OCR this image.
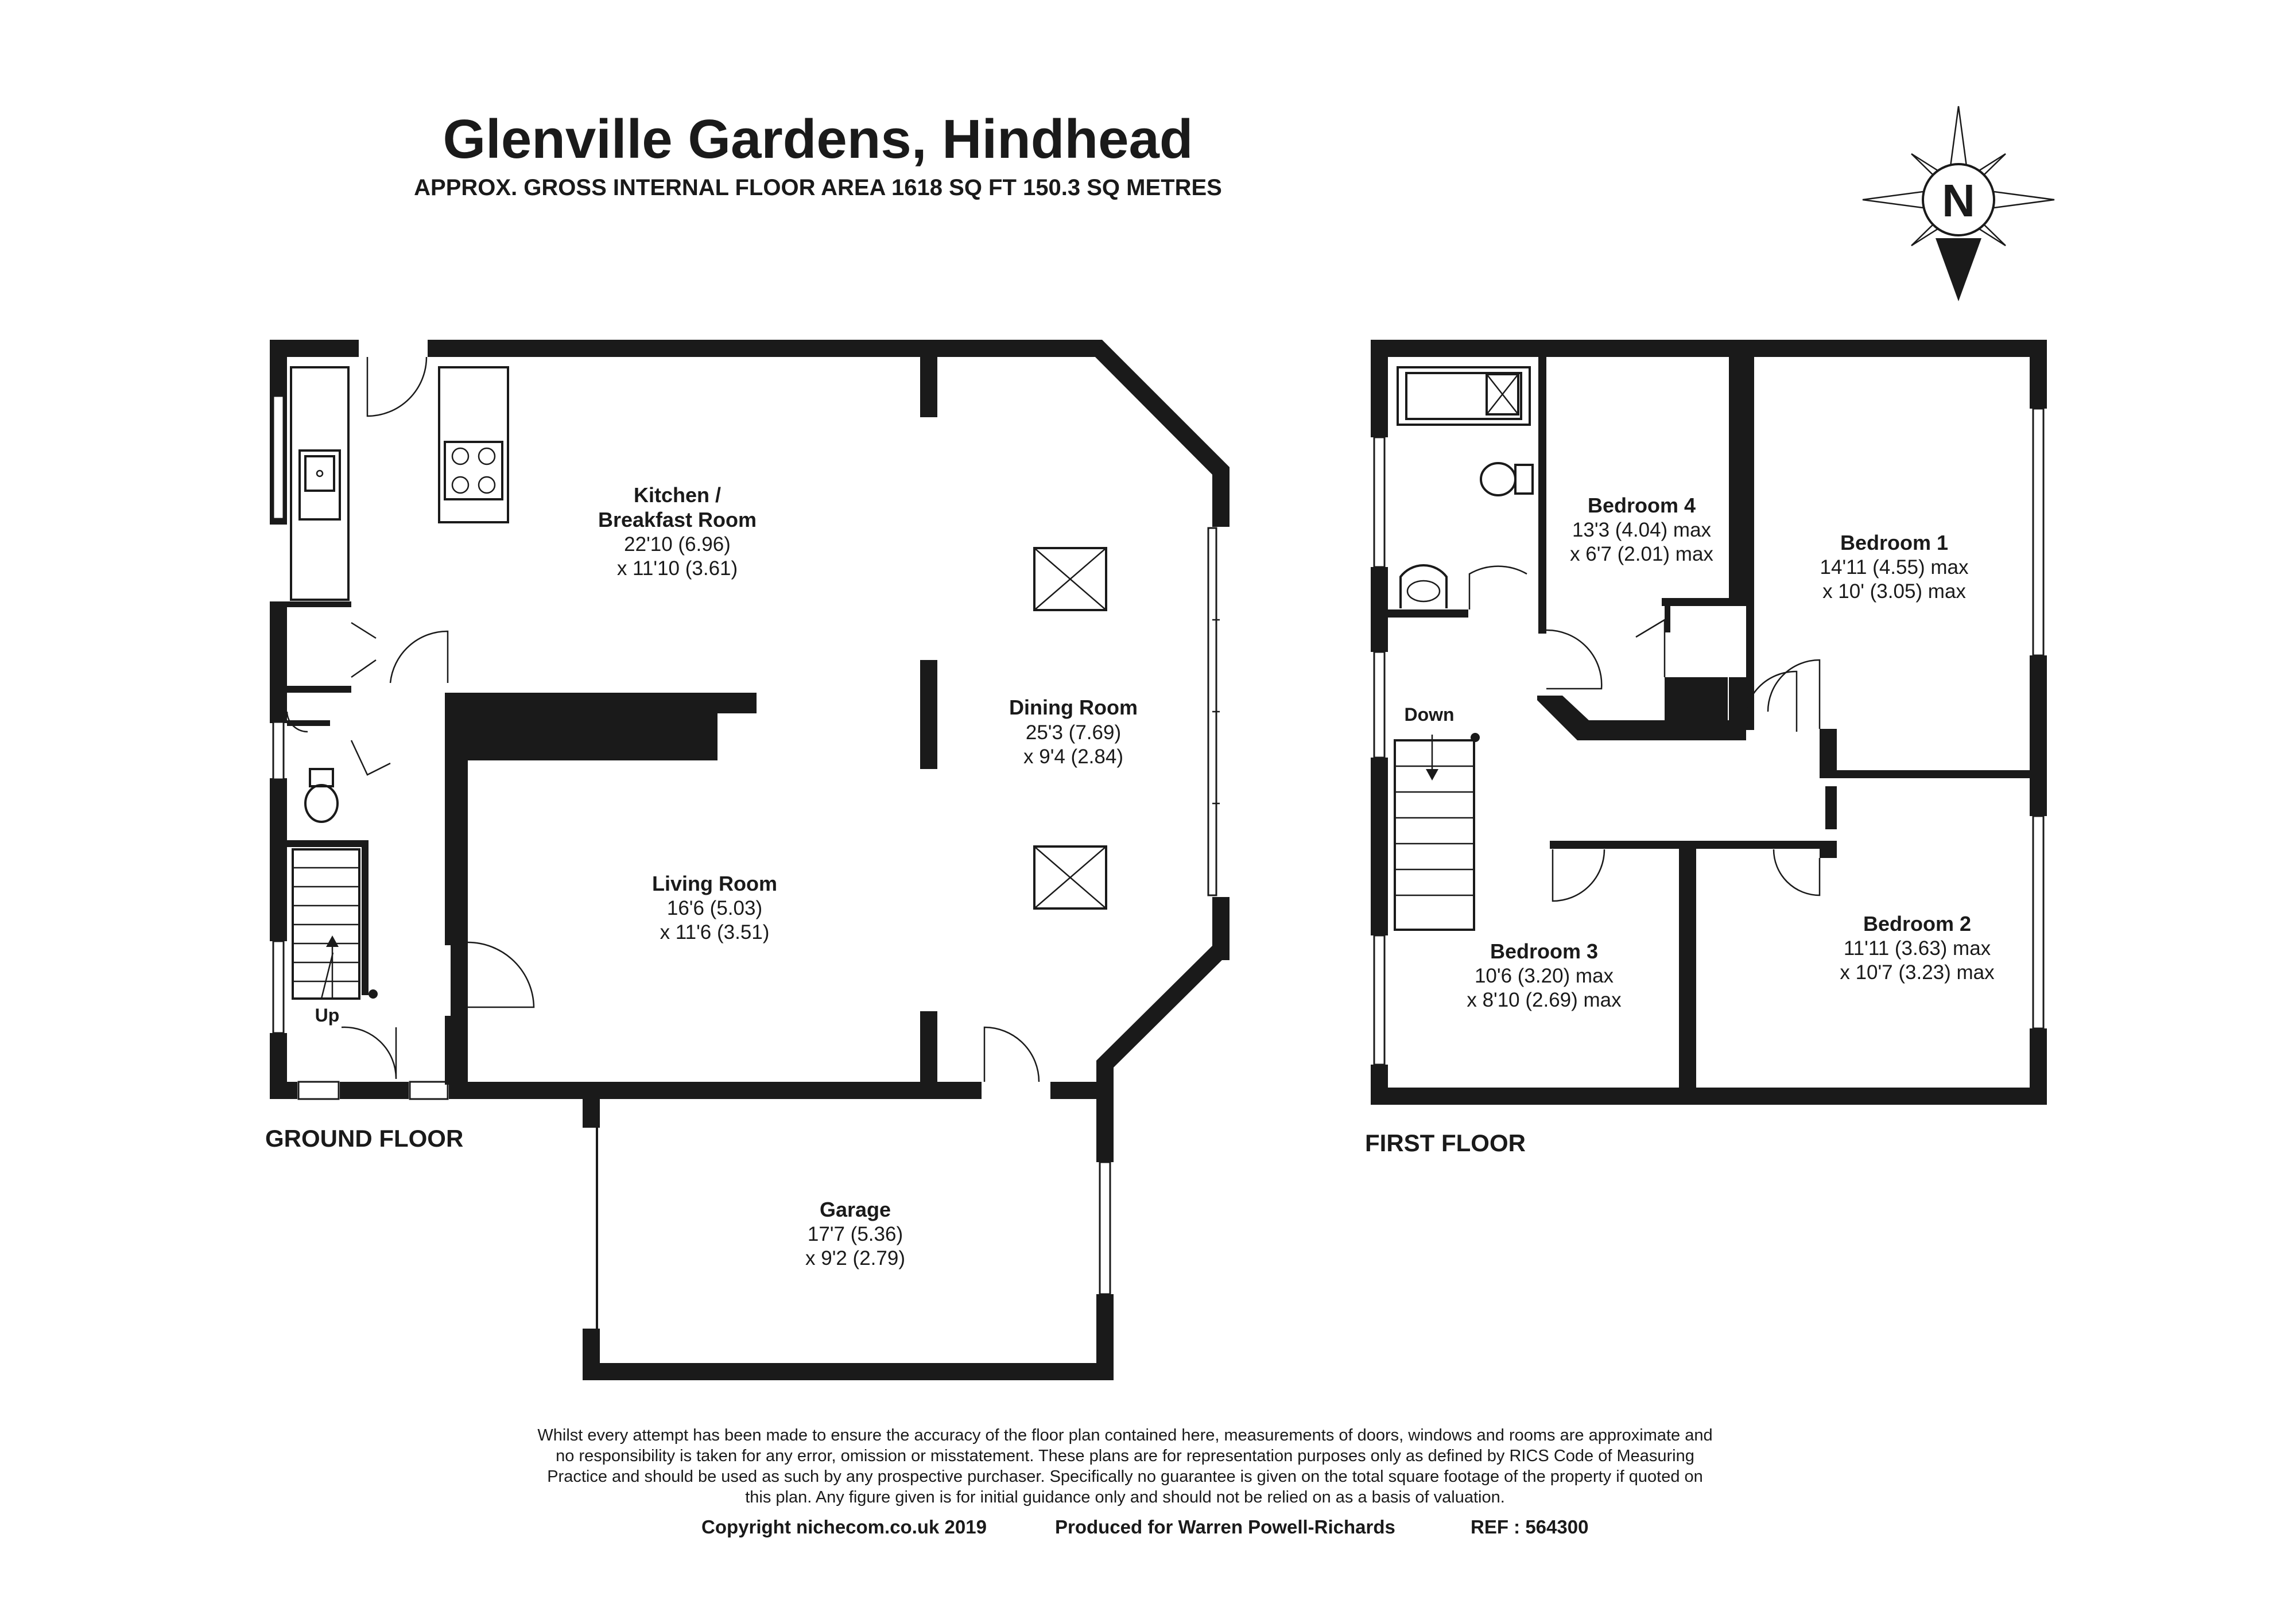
Glenville Gardens, Hindhead
APPROX. GROSS INTERNAL FLOOR AREA 1618 SQ FT 150.3 SQ METRES	N
Up
Kitchen /
Breakfast Room
22'10 (6.96)
x 11'10 (3.61)
Dining Room
25'3 (7.69)
x 9'4 (2.84)
Living Room
16'6 (5.03)
x 11'6 (3.51)
Garage
17'7 (5.36)
x 9'2 (2.79)
GROUND FLOOR
Down
Bedroom 4
13'3 (4.04) max
x 6'7 (2.01) max	Bedroom 1
14'11 (4.55) max
x 10' (3.05) max
Bedroom 2
11'11 (3.63) max
x 10'7 (3.23) max
Bedroom 3
10'6 (3.20) max
x 8'10 (2.69) max
FIRST FLOOR
Whilst every attempt has been made to ensure the accuracy of the floor plan contained here, measurements of doors, windows and rooms are approximate and
no responsibility is taken for any error, omission or misstatement. These plans are for representation purposes only as defined by RICS Code of Measuring
Practice and should be used as such by any prospective purchaser. Specifically no guarantee is given on the total square footage of the property if quoted on
this plan. Any figure given is for initial guidance only and should not be relied on as a basis of valuation.
Copyright nichecom.co.uk 2019	Produced for Warren Powell-Richards	REF : 564300
